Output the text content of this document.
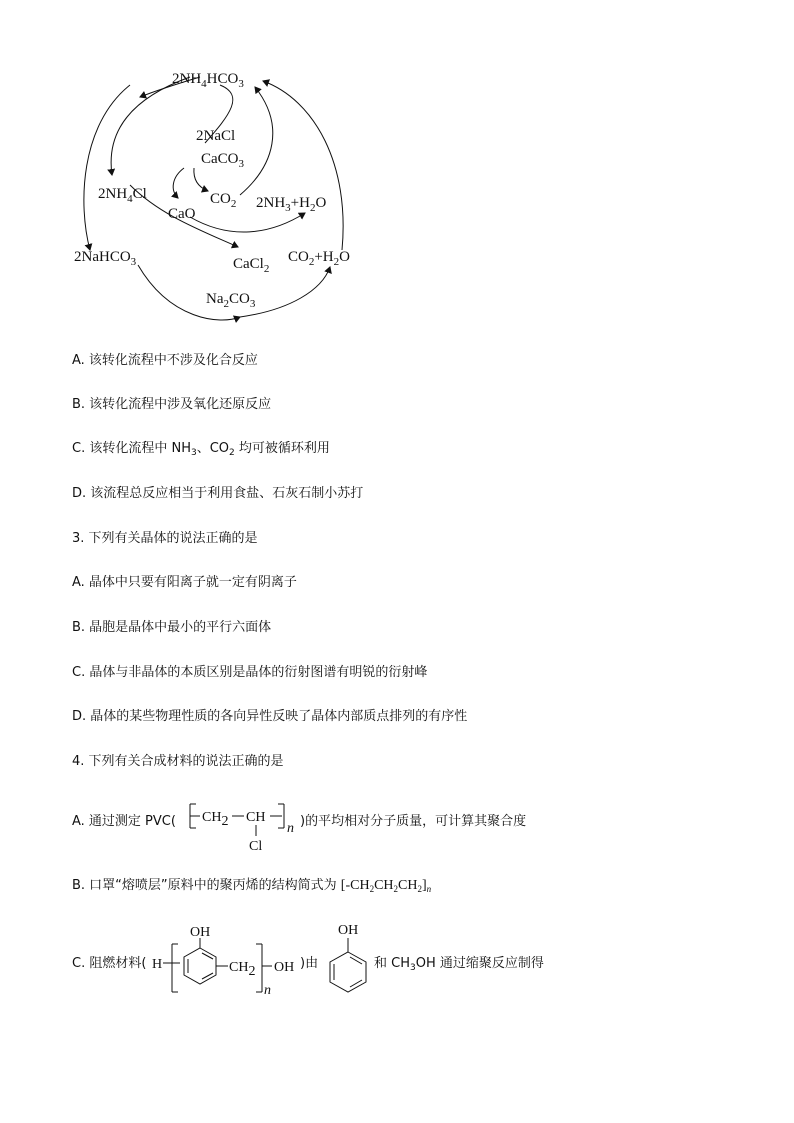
$2NH_4HCO_3$
2NaCl
CaCO$_3$
$2NH_4Cl$	$CO_2$ $2NH_3+H_2O$
CaO
2NaHCO$_3$	CaCl$_2$
$CO_2+H_2O$
$Na_2CO_3$
A. 该转化流程中不涉及化合反应
B. 该转化流程中涉及氧化还原反应
C. 该转化流程中 $NH_3$、$CO_2$ 均可被循环利用
D. 该流程总反应相当于利用食盐、石灰石制小苏打
3. 下列有关晶体的说法正确的是
A. 晶体中只要有阳离子就一定有阴离子
B. 晶胞是晶体中最小的平行六面体
C. 晶体与非晶体的本质区别是晶体的衍射图谱有明锐的衍射峰
D. 晶体的某些物理性质的各向异性反映了晶体内部质点排列的有序性
4. 下列有关合成材料的说法正确的是
A. 通过测定 PVC( CH2 CH
Cl
n )的平均相对分子质量，可计算其聚合度
B. 口罩“熔喷层”原料中的聚丙烯的结构简式为 $[-CH_2CH_2CH_2]_n$
C. 阻燃材料( H
OH
CH2
n
OH )由
OH
和 $CH_3OH$ 通过缩聚反应制得
